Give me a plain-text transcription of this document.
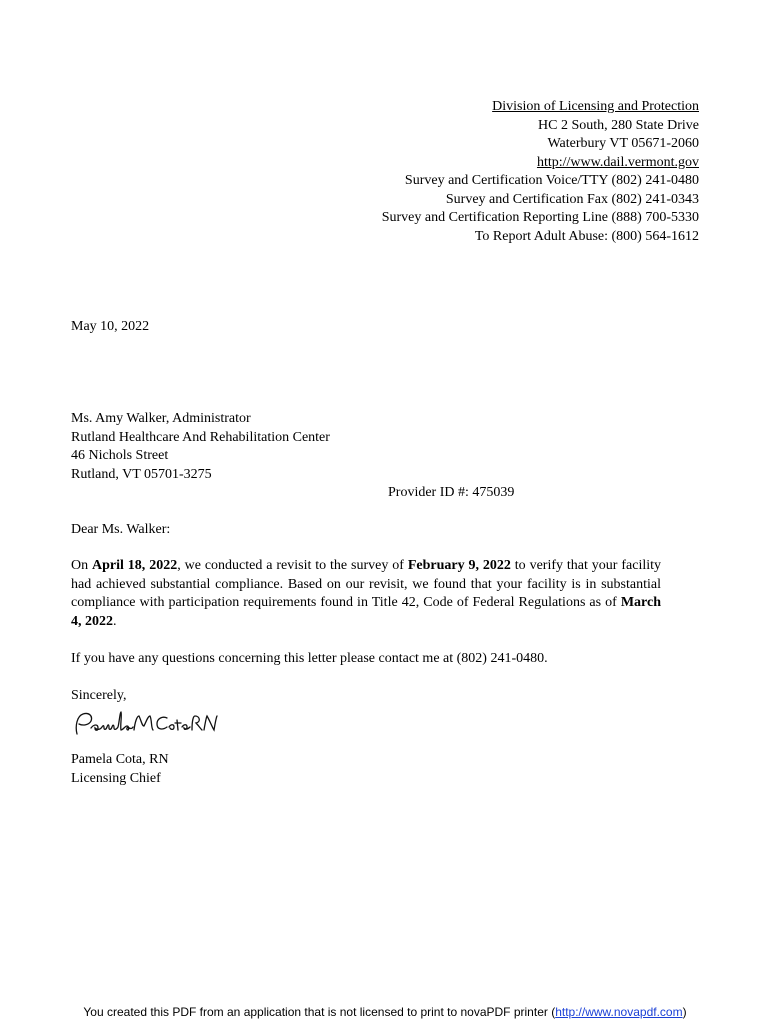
Division of Licensing and Protection
HC 2 South, 280 State Drive
Waterbury VT 05671-2060
http://www.dail.vermont.gov
Survey and Certification Voice/TTY (802) 241-0480
Survey and Certification Fax (802) 241-0343
Survey and Certification Reporting Line (888) 700-5330
To Report Adult Abuse: (800) 564-1612
May 10, 2022
Ms. Amy Walker, Administrator
Rutland Healthcare And Rehabilitation Center
46 Nichols Street
Rutland, VT 05701-3275
Provider ID #: 475039
Dear Ms. Walker:
On April 18, 2022, we conducted a revisit to the survey of February 9, 2022 to verify that your facility had achieved substantial compliance. Based on our revisit, we found that your facility is in substantial compliance with participation requirements found in Title 42, Code of Federal Regulations as of March 4, 2022.
If you have any questions concerning this letter please contact me at (802) 241-0480.
Sincerely,
Pamela Cota, RN
Licensing Chief
You created this PDF from an application that is not licensed to print to novaPDF printer (http://www.novapdf.com)
